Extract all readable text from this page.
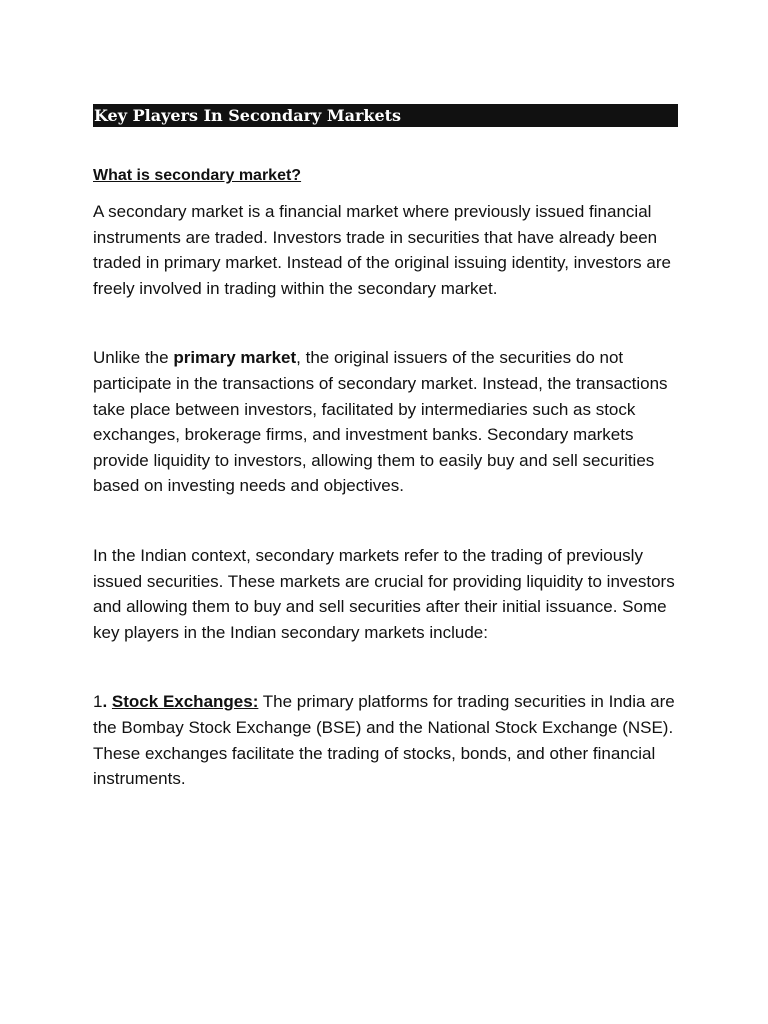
Key Players In Secondary Markets
What is secondary market?

A secondary market is a financial market where previously issued financial instruments are traded. Investors trade in securities that have already been traded in primary market. Instead of the original issuing identity, investors are freely involved in trading within the secondary market.

Unlike the primary market, the original issuers of the securities do not participate in the transactions of secondary market. Instead, the transactions take place between investors, facilitated by intermediaries such as stock exchanges, brokerage firms, and investment banks. Secondary markets provide liquidity to investors, allowing them to easily buy and sell securities based on investing needs and objectives.

In the Indian context, secondary markets refer to the trading of previously issued securities. These markets are crucial for providing liquidity to investors and allowing them to buy and sell securities after their initial issuance. Some key players in the Indian secondary markets include:

1. Stock Exchanges: The primary platforms for trading securities in India are the Bombay Stock Exchange (BSE) and the National Stock Exchange (NSE). These exchanges facilitate the trading of stocks, bonds, and other financial instruments.
